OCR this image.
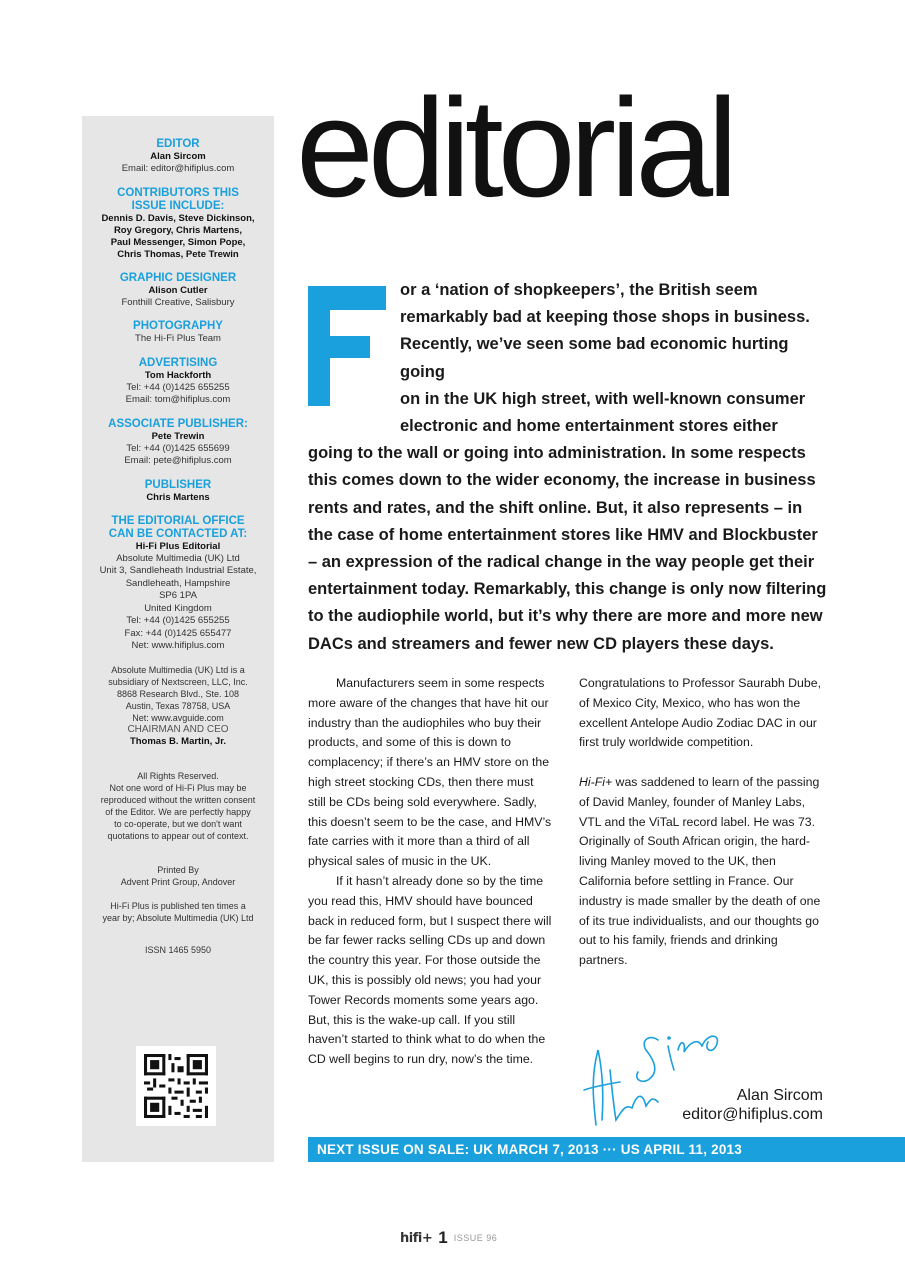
EDITOR
Alan Sircom
Email: editor@hifiplus.com
CONTRIBUTORS THIS ISSUE INCLUDE:
Dennis D. Davis, Steve Dickinson,
Roy Gregory, Chris Martens,
Paul Messenger, Simon Pope,
Chris Thomas, Pete Trewin
GRAPHIC DESIGNER
Alison Cutler
Fonthill Creative, Salisbury
PHOTOGRAPHY
The Hi-Fi Plus Team
ADVERTISING
Tom Hackforth
Tel: +44 (0)1425 655255
Email: tom@hifiplus.com
ASSOCIATE PUBLISHER:
Pete Trewin
Tel: +44 (0)1425 655699
Email: pete@hifiplus.com
PUBLISHER
Chris Martens
THE EDITORIAL OFFICE CAN BE CONTACTED AT:
Hi-Fi Plus Editorial
Absolute Multimedia (UK) Ltd
Unit 3, Sandleheath Industrial Estate,
Sandleheath, Hampshire
SP6 1PA
United Kingdom
Tel: +44 (0)1425 655255
Fax: +44 (0)1425 655477
Net: www.hifiplus.com
Absolute Multimedia (UK) Ltd is a
subsidiary of Nextscreen, LLC, Inc.
8868 Research Blvd., Ste. 108
Austin, Texas 78758, USA
Net: www.avguide.com
CHAIRMAN AND CEO
Thomas B. Martin, Jr.
All Rights Reserved.
Not one word of Hi-Fi Plus may be
reproduced without the written consent
of the Editor. We are perfectly happy
to co-operate, but we don't want
quotations to appear out of context.
Printed By
Advent Print Group, Andover
Hi-Fi Plus is published ten times a
year by; Absolute Multimedia (UK) Ltd
ISSN 1465 5950
editorial
or a ‘nation of shopkeepers’, the British seem
remarkably bad at keeping those shops in business.
Recently, we’ve seen some bad economic hurting going
on in the UK high street, with well-known consumer
electronic and home entertainment stores either
going to the wall or going into administration. In some respects
this comes down to the wider economy, the increase in business
rents and rates, and the shift online. But, it also represents – in
the case of home entertainment stores like HMV and Blockbuster
– an expression of the radical change in the way people get their
entertainment today. Remarkably, this change is only now filtering
to the audiophile world, but it’s why there are more and more new
DACs and streamers and fewer new CD players these days.

Manufacturers seem in some respects more aware of the changes that have hit our industry than the audiophiles who buy their products, and some of this is down to complacency; if there’s an HMV store on the high street stocking CDs, then there must still be CDs being sold everywhere. Sadly, this doesn’t seem to be the case, and HMV’s fate carries with it more than a third of all physical sales of music in the UK.

If it hasn’t already done so by the time you read this, HMV should have bounced back in reduced form, but I suspect there will be far fewer racks selling CDs up and down the country this year. For those outside the UK, this is possibly old news; you had your Tower Records moments some years ago. But, this is the wake-up call. If you still haven’t started to think what to do when the CD well begins to run dry, now’s the time.

Congratulations to Professor Saurabh Dube, of Mexico City, Mexico, who has won the excellent Antelope Audio Zodiac DAC in our first truly worldwide competition.

Hi-Fi+ was saddened to learn of the passing of David Manley, founder of Manley Labs, VTL and the ViTaL record label. He was 73. Originally of South African origin, the hard-living Manley moved to the UK, then California before settling in France. Our industry is made smaller by the death of one of its true individualists, and our thoughts go out to his family, friends and drinking partners.

Alan Sircom
editor@hifiplus.com
NEXT ISSUE ON SALE: UK MARCH 7, 2013 ··· US APRIL 11, 2013
hifi+ 1 ISSUE 96
